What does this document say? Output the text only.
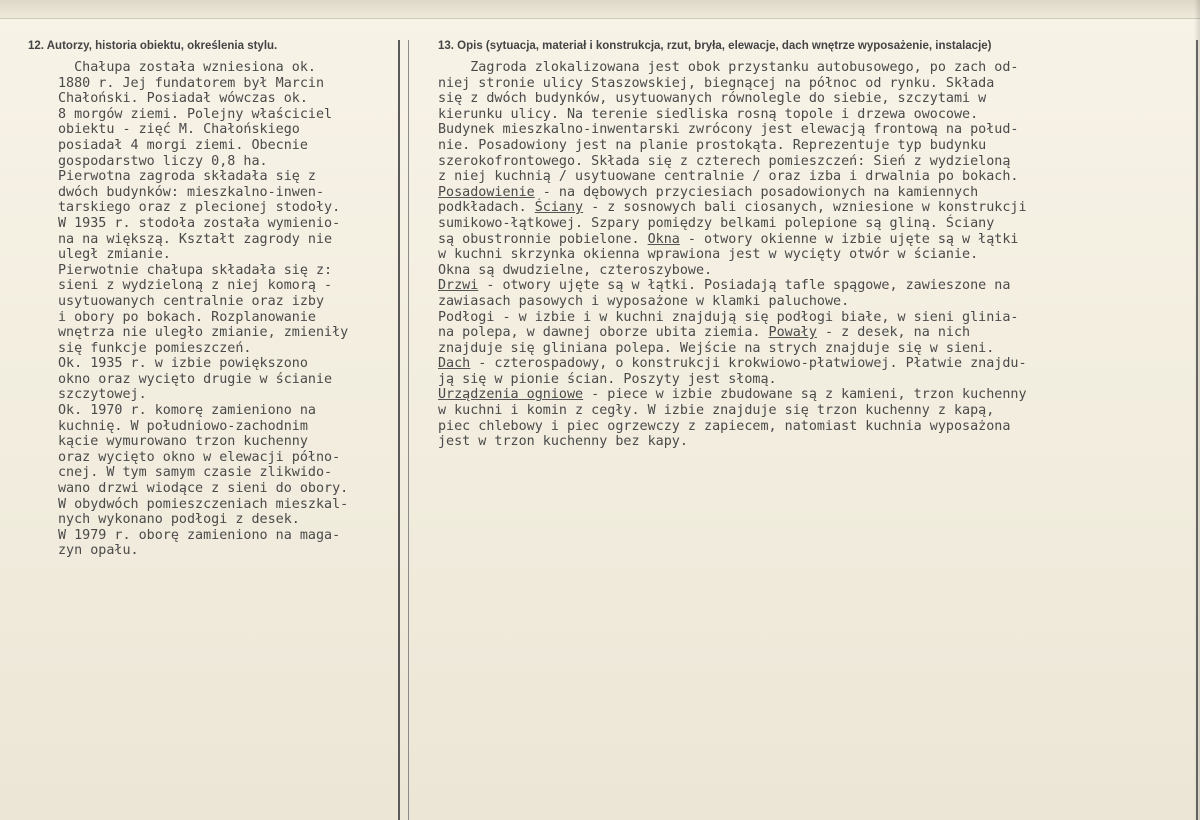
12. Autorzy, historia obiektu, określenia stylu.	13. Opis (sytuacja, materiał i konstrukcja, rzut, bryła, elewacje, dach wnętrze wyposażenie, instalacje)
Chałupa została wzniesiona ok.
1880 r. Jej fundatorem był Marcin
Chałoński. Posiadał wówczas ok.
8 morgów ziemi. Polejny właściciel
obiektu - zięć M. Chałońskiego
posiadał 4 morgi ziemi. Obecnie
gospodarstwo liczy 0,8 ha.
Pierwotna zagroda składała się z
dwóch budynków: mieszkalno-inwen-
tarskiego oraz z plecionej stodoły.
W 1935 r. stodoła została wymienio-
na na większą. Kształt zagrody nie
uległ zmianie.
Pierwotnie chałupa składała się z:
sieni z wydzieloną z niej komorą -
usytuowanych centralnie oraz izby
i obory po bokach. Rozplanowanie
wnętrza nie uległo zmianie, zmieniły
się funkcje pomieszczeń.
Ok. 1935 r. w izbie powiększono
okno oraz wycięto drugie w ścianie
szczytowej.
Ok. 1970 r. komorę zamieniono na
kuchnię. W południowo-zachodnim
kącie wymurowano trzon kuchenny
oraz wycięto okno w elewacji półno-
cnej. W tym samym czasie zlikwido-
wano drzwi wiodące z sieni do obory.
W obydwóch pomieszczeniach mieszkal-
nych wykonano podłogi z desek.
W 1979 r. oborę zamieniono na maga-
zyn opału.
Zagroda zlokalizowana jest obok przystanku autobusowego, po zach od-
niej stronie ulicy Staszowskiej, biegnącej na północ od rynku. Składa
się z dwóch budynków, usytuowanych równolegle do siebie, szczytami w
kierunku ulicy. Na terenie siedliska rosną topole i drzewa owocowe.
Budynek mieszkalno-inwentarski zwrócony jest elewacją frontową na połud-
nie. Posadowiony jest na planie prostokąta. Reprezentuje typ budynku
szerokofrontowego. Składa się z czterech pomieszczeń: Sień z wydzieloną
z niej kuchnią / usytuowane centralnie / oraz izba i drwalnia po bokach.
Posadowienie - na dębowych przyciesiach posadowionych na kamiennych
podkładach. Ściany - z sosnowych bali ciosanych, wzniesione w konstrukcji
sumikowo-łątkowej. Szpary pomiędzy belkami polepione są gliną. Ściany
są obustronnie pobielone. Okna - otwory okienne w izbie ujęte są w łątki
w kuchni skrzynka okienna wprawiona jest w wycięty otwór w ścianie.
Okna są dwudzielne, czteroszybowe.
Drzwi - otwory ujęte są w łątki. Posiadają tafle spągowe, zawieszone na
zawiasach pasowych i wyposażone w klamki paluchowe.
Podłogi - w izbie i w kuchni znajdują się podłogi białe, w sieni glinia-
na polepa, w dawnej oborze ubita ziemia. Powały - z desek, na nich
znajduje się gliniana polepa. Wejście na strych znajduje się w sieni.
Dach - czterospadowy, o konstrukcji krokwiowo-płatwiowej. Płatwie znajdu-
ją się w pionie ścian. Poszyty jest słomą.
Urządzenia ogniowe - piece w izbie zbudowane są z kamieni, trzon kuchenny
w kuchni i komin z cegły. W izbie znajduje się trzon kuchenny z kapą,
piec chlebowy i piec ogrzewczy z zapiecem, natomiast kuchnia wyposażona
jest w trzon kuchenny bez kapy.
